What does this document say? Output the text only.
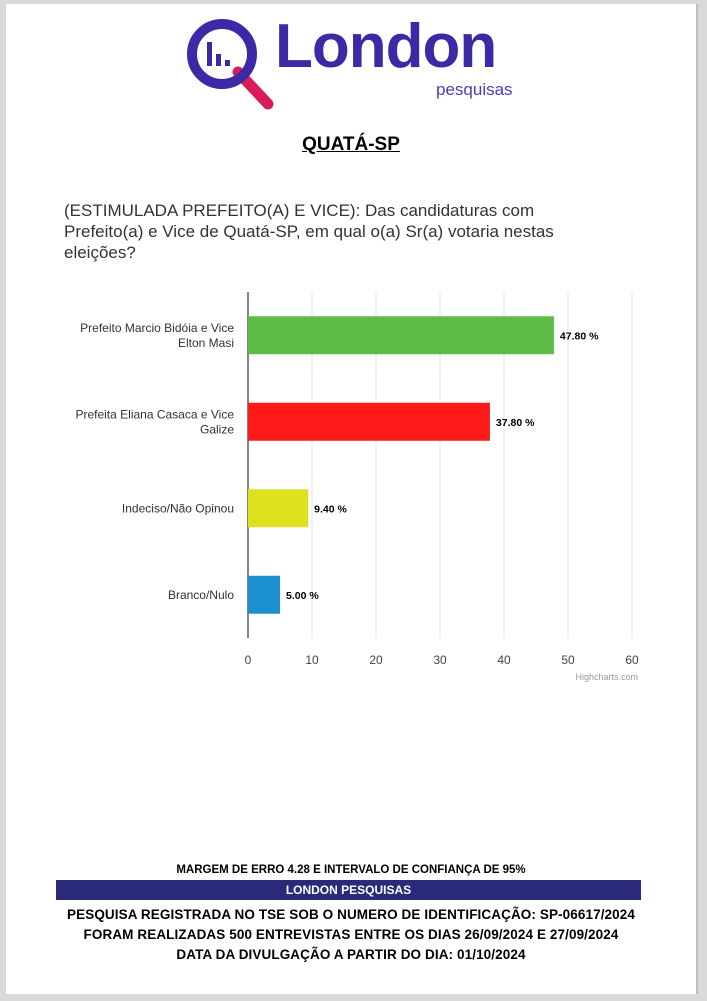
London
pesquisas
QUATÁ-SP
(ESTIMULADA PREFEITO(A) E VICE): Das candidaturas com Prefeito(a) e Vice de Quatá-SP, em qual o(a) Sr(a) votaria nestas eleições?
0	10	20	30	40	50	60
47.80 %
Prefeito Marcio Bidóia e Vice
Elton Masi
37.80 %
Prefeita Eliana Casaca e Vice
Galize
9.40 %
Indeciso/Não Opinou
5.00 %
Branco/Nulo
Highcharts.com
MARGEM DE ERRO 4.28 E INTERVALO DE CONFIANÇA DE 95%
LONDON PESQUISAS
PESQUISA REGISTRADA NO TSE SOB O NUMERO DE IDENTIFICAÇÃO: SP-06617/2024
FORAM REALIZADAS 500 ENTREVISTAS ENTRE OS DIAS 26/09/2024 E 27/09/2024
DATA DA DIVULGAÇÃO A PARTIR DO DIA: 01/10/2024
